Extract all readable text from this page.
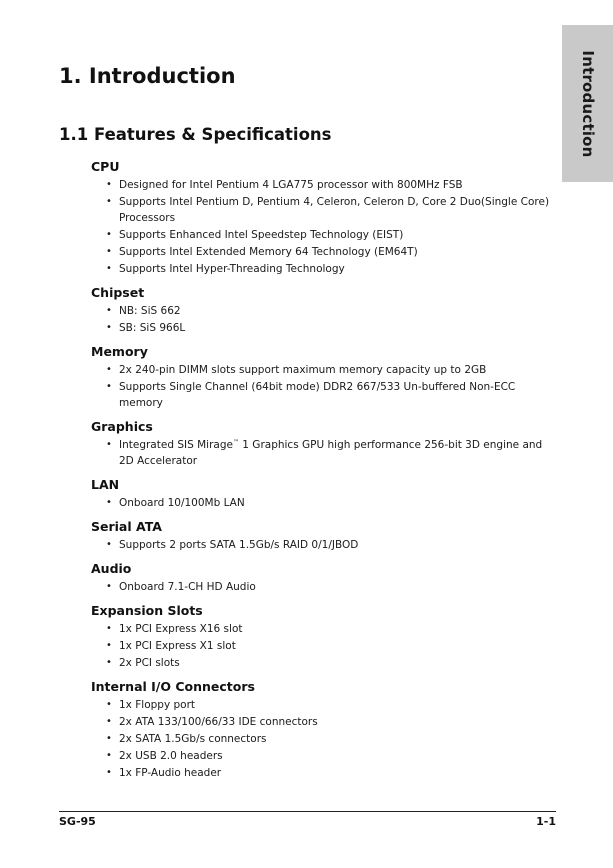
Introduction
1. Introduction
1.1 Features & Specifications
CPU
• Designed for Intel Pentium 4 LGA775 processor with 800MHz FSB
• Supports Intel Pentium D, Pentium 4, Celeron, Celeron D, Core 2 Duo(Single Core) Processors
• Supports Enhanced Intel Speedstep Technology (EIST)
• Supports Intel Extended Memory 64 Technology (EM64T)
• Supports Intel Hyper-Threading Technology
Chipset
• NB: SiS 662
• SB: SiS 966L
Memory
• 2x 240-pin DIMM slots support maximum memory capacity up to 2GB
• Supports Single Channel (64bit mode) DDR2 667/533 Un-buffered Non-ECC memory
Graphics
• Integrated SIS Mirage™ 1 Graphics GPU high performance 256-bit 3D engine and 2D Accelerator
LAN
• Onboard 10/100Mb LAN
Serial ATA
• Supports 2 ports SATA 1.5Gb/s RAID 0/1/JBOD
Audio
• Onboard 7.1-CH HD Audio
Expansion Slots
• 1x PCI Express X16 slot
• 1x PCI Express X1 slot
• 2x PCI slots
Internal I/O Connectors
• 1x Floppy port
• 2x ATA 133/100/66/33 IDE connectors
• 2x SATA 1.5Gb/s connectors
• 2x USB 2.0 headers
• 1x FP-Audio header
SG-95	1-1
